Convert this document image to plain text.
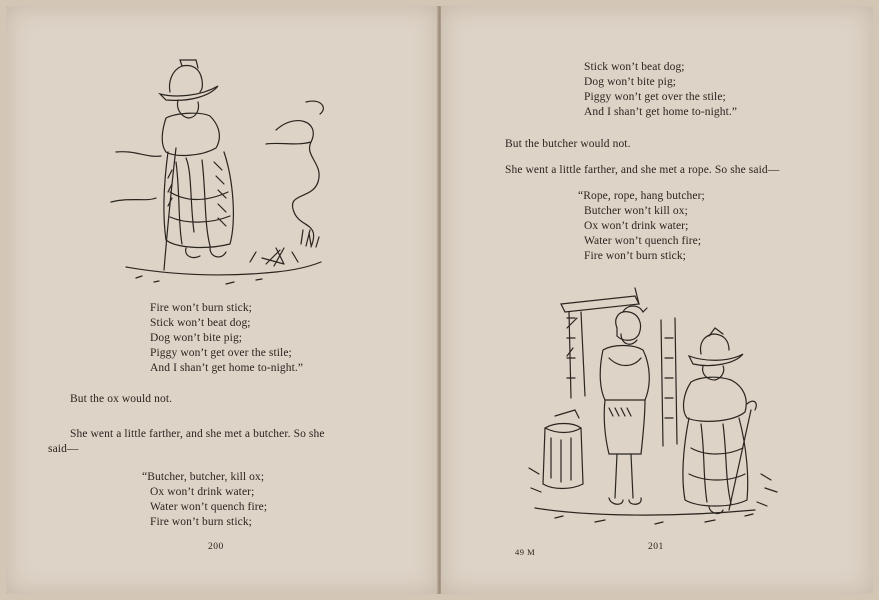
Fire won’t burn stick;
Stick won’t beat dog;
Dog won’t bite pig;
Piggy won’t get over the stile;
And I shan’t get home to-night.”
But the ox would not.
She went a little farther, and she met a butcher. So she
said—
“Butcher, butcher, kill ox;
Ox won’t drink water;
Water won’t quench fire;
Fire won’t burn stick;
200
Stick won’t beat dog;
Dog won’t bite pig;
Piggy won’t get over the stile;
And I shan’t get home to-night.”
But the butcher would not.
She went a little farther, and she met a rope. So she said—
“Rope, rope, hang butcher;
Butcher won’t kill ox;
Ox won’t drink water;
Water won’t quench fire;
Fire won’t burn stick;
49 M	201
